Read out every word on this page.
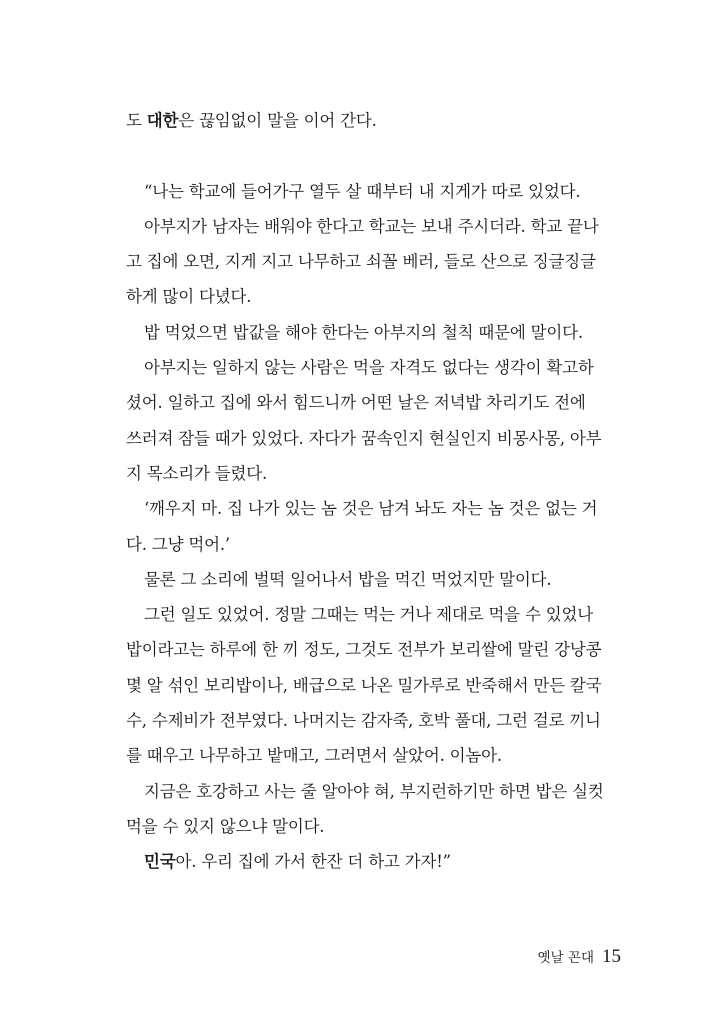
도 대한은 끊임없이 말을 이어 간다.
“나는 학교에 들어가구 열두 살 때부터 내 지게가 따로 있었다.
아부지가 남자는 배워야 한다고 학교는 보내 주시더라. 학교 끝나
고 집에 오면, 지게 지고 나무하고 쇠꼴 베러, 들로 산으로 징글징글
하게 많이 다녔다.
밥 먹었으면 밥값을 해야 한다는 아부지의 철칙 때문에 말이다.
아부지는 일하지 않는 사람은 먹을 자격도 없다는 생각이 확고하
셨어. 일하고 집에 와서 힘드니까 어떤 날은 저녁밥 차리기도 전에
쓰러져 잠들 때가 있었다. 자다가 꿈속인지 현실인지 비몽사몽, 아부
지 목소리가 들렸다.
‘깨우지 마. 집 나가 있는 놈 것은 남겨 놔도 자는 놈 것은 없는 거
다. 그냥 먹어.’
물론 그 소리에 벌떡 일어나서 밥을 먹긴 먹었지만 말이다.
그런 일도 있었어. 정말 그때는 먹는 거나 제대로 먹을 수 있었나
밥이라고는 하루에 한 끼 정도, 그것도 전부가 보리쌀에 말린 강낭콩
몇 알 섞인 보리밥이나, 배급으로 나온 밀가루로 반죽해서 만든 칼국
수, 수제비가 전부였다. 나머지는 감자죽, 호박 풀대, 그런 걸로 끼니
를 때우고 나무하고 밭매고, 그러면서 살았어. 이놈아.
지금은 호강하고 사는 줄 알아야 혀, 부지런하기만 하면 밥은 실컷
먹을 수 있지 않으냐 말이다.
민국아. 우리 집에 가서 한잔 더 하고 가자!”
옛날 꼰대 15
